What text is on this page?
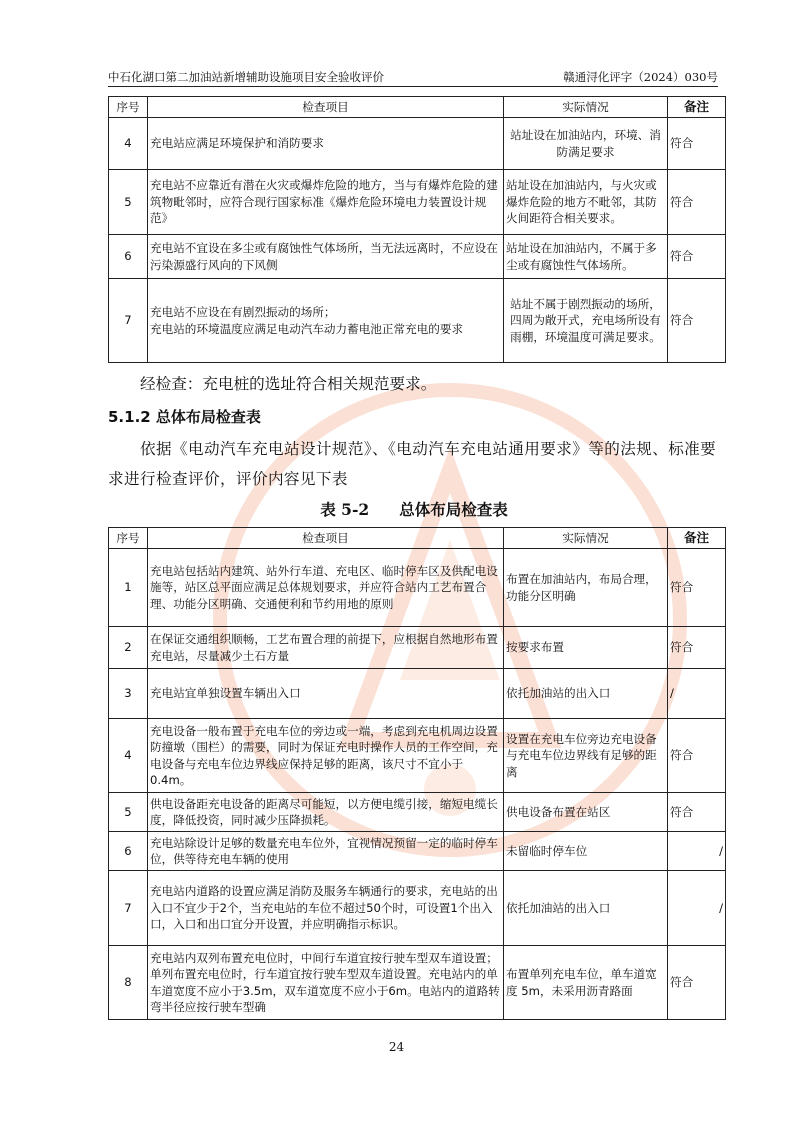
中石化湖口第二加油站新增辅助设施项目安全验收评价	赣通浔化评字（2024）030号
序号	检查项目	实际情况	备注
4	充电站应满足环境保护和消防要求	站址设在加油站内，环境、消防满足要求	符合
5	充电站不应靠近有潜在火灾或爆炸危险的地方，当与有爆炸危险的建筑物毗邻时，应符合现行国家标准《爆炸危险环境电力装置设计规范》	站址设在加油站内，与火灾或爆炸危险的地方不毗邻，其防火间距符合相关要求。	符合
6	充电站不宜设在多尘或有腐蚀性气体场所，当无法远离时，不应设在污染源盛行风向的下风侧	站址设在加油站内，不属于多尘或有腐蚀性气体场所。	符合
7	充电站不应设在有剧烈振动的场所；
充电站的环境温度应满足电动汽车动力蓄电池正常充电的要求	站址不属于剧烈振动的场所，四周为敞开式，充电场所设有雨棚，环境温度可满足要求。	符合
经检查：充电桩的选址符合相关规范要求。
5.1.2 总体布局检查表
依据《电动汽车充电站设计规范》、《电动汽车充电站通用要求》等的法规、标准要求进行检查评价，评价内容见下表
表 5-2 总体布局检查表
序号	检查项目	实际情况	备注
1	充电站包括站内建筑、站外行车道、充电区、临时停车区及供配电设施等，站区总平面应满足总体规划要求，并应符合站内工艺布置合理、功能分区明确、交通便利和节约用地的原则	布置在加油站内，布局合理，功能分区明确	符合
2	在保证交通组织顺畅，工艺布置合理的前提下，应根据自然地形布置充电站，尽量减少土石方量	按要求布置	符合
3	充电站宜单独设置车辆出入口	依托加油站的出入口	/
4	充电设备一般布置于充电车位的旁边或一端，考虑到充电机周边设置防撞墩（围栏）的需要，同时为保证充电时操作人员的工作空间，充电设备与充电车位边界线应保持足够的距离，该尺寸不宜小于0.4m。	设置在充电车位旁边充电设备与充电车位边界线有足够的距离	符合
5	供电设备距充电设备的距离尽可能短，以方便电缆引接，缩短电缆长度，降低投资，同时减少压降损耗。	供电设备布置在站区	符合
6	充电站除设计足够的数量充电车位外，宜视情况预留一定的临时停车位，供等待充电车辆的使用	未留临时停车位	/
7	充电站内道路的设置应满足消防及服务车辆通行的要求，充电站的出入口不宜少于2个，当充电站的车位不超过50个时，可设置1个出入口，入口和出口宜分开设置，并应明确指示标识。	依托加油站的出入口	/
8	充电站内双列布置充电位时，中间行车道宜按行驶车型双车道设置；单列布置充电位时，行车道宜按行驶车型双车道设置。充电站内的单车道宽度不应小于3.5m，双车道宽度不应小于6m。电站内的道路转弯半径应按行驶车型确	布置单列充电车位，单车道宽度 5m，未采用沥青路面	符合
24
